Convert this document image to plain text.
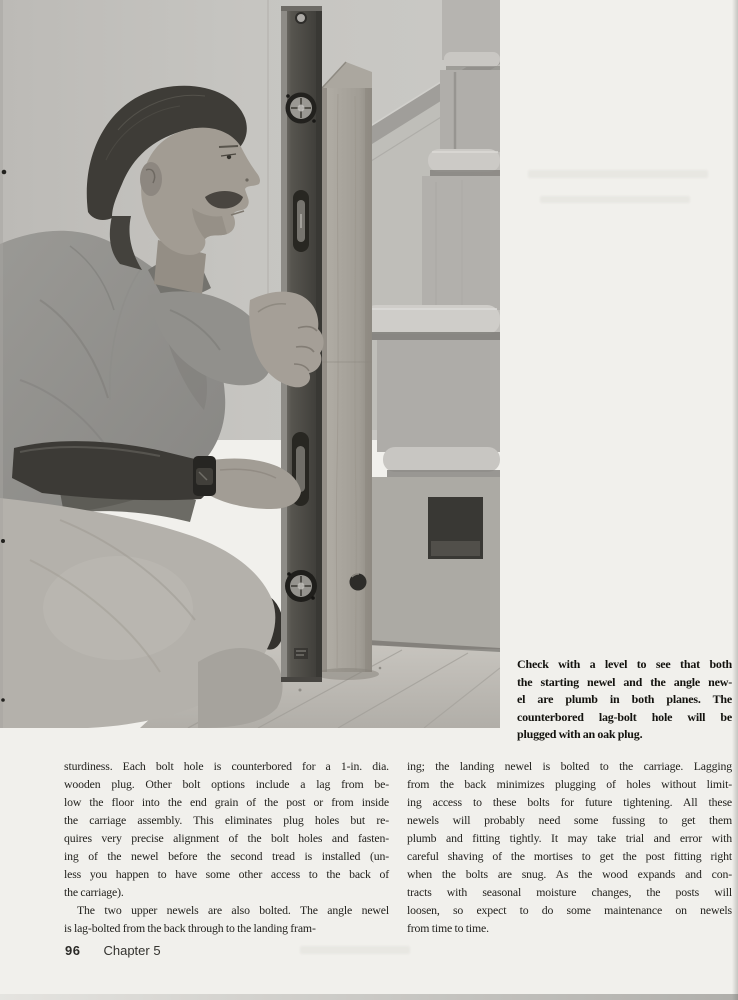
Check with a level to see that both
the starting newel and the angle new-
el are plumb in both planes. The
counterbored lag-bolt hole will be
plugged with an oak plug.
sturdiness. Each bolt hole is counterbored for a 1-in. dia.
wooden plug. Other bolt options include a lag from be-
low the floor into the end grain of the post or from inside
the carriage assembly. This eliminates plug holes but re-
quires very precise alignment of the bolt holes and fasten-
ing of the newel before the second tread is installed (un-
less you happen to have some other access to the back of
the carriage).
The two upper newels are also bolted. The angle newel
is lag-bolted from the back through to the landing fram-
ing; the landing newel is bolted to the carriage. Lagging
from the back minimizes plugging of holes without limit-
ing access to these bolts for future tightening. All these
newels will probably need some fussing to get them
plumb and fitting tightly. It may take trial and error with
careful shaving of the mortises to get the post fitting right
when the bolts are snug. As the wood expands and con-
tracts with seasonal moisture changes, the posts will
loosen, so expect to do some maintenance on newels
from time to time.
96 Chapter 5
